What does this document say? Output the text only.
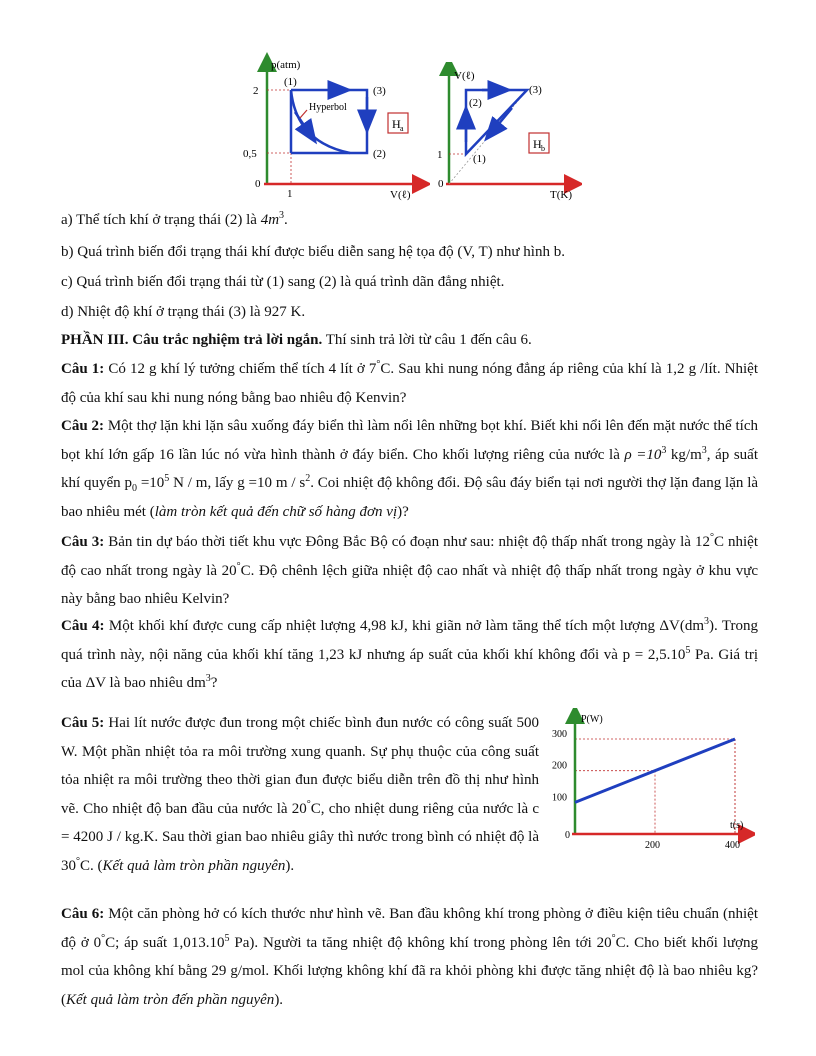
p(atm)
V(ℓ)
0
2
0,5
1
(1)
(3)
(2)
Hyperbol
H a
V(ℓ)
T(K)
0
1
(2)
(3)
(1)
H b
a) Thể tích khí ở trạng thái (2) là $4m^3$.
b) Quá trình biến đổi trạng thái khí được biểu diễn sang hệ tọa độ (V, T) như hình b.
c) Quá trình biến đổi trạng thái từ (1) sang (2) là quá trình dãn đẳng nhiệt.
d) Nhiệt độ khí ở trạng thái (3) là 927 K.
PHẦN III. Câu trắc nghiệm trả lời ngắn. Thí sinh trả lời từ câu 1 đến câu 6.
Câu 1: Có 12 g khí lý tưởng chiếm thể tích 4 lít ở 7°C. Sau khi nung nóng đẳng áp riêng của khí là 1,2 g /lít. Nhiệt độ của khí sau khi nung nóng bằng bao nhiêu độ Kenvin?
Câu 2: Một thợ lặn khi lặn sâu xuống đáy biển thì làm nổi lên những bọt khí. Biết khi nổi lên đến mặt nước thể tích bọt khí lớn gấp 16 lần lúc nó vừa hình thành ở đáy biển. Cho khối lượng riêng của nước là $\rho =10^3$ $kg/m^3$, áp suất khí quyển $p_0 =10^5$ N / m, lấy g =10 m / $s^2$. Coi nhiệt độ không đổi. Độ sâu đáy biển tại nơi người thợ lặn đang lặn là bao nhiêu mét (làm tròn kết quả đến chữ số hàng đơn vị)?
Câu 3: Bản tin dự báo thời tiết khu vực Đông Bắc Bộ có đoạn như sau: nhiệt độ thấp nhất trong ngày là 12°C nhiệt độ cao nhất trong ngày là 20°C. Độ chênh lệch giữa nhiệt độ cao nhất và nhiệt độ thấp nhất trong ngày ở khu vực này bằng bao nhiêu Kelvin?
Câu 4: Một khối khí được cung cấp nhiệt lượng 4,98 kJ, khi giãn nở làm tăng thể tích một lượng $\Delta V(dm^3)$. Trong quá trình này, nội năng của khối khí tăng 1,23 kJ nhưng áp suất của khối khí không đổi và $p = 2,5.10^5$ Pa. Giá trị của ΔV là bao nhiêu $dm^3$?
Câu 5: Hai lít nước được đun trong một chiếc bình đun nước có công suất 500 W. Một phần nhiệt tỏa ra môi trường xung quanh. Sự phụ thuộc của công suất tỏa nhiệt ra môi trường theo thời gian đun được biểu diễn trên đồ thị như hình vẽ. Cho nhiệt độ ban đầu của nước là 20°C, cho nhiệt dung riêng của nước là c = 4200 J / kg.K. Sau thời gian bao nhiêu giây thì nước trong bình có nhiệt độ là 30°C. (Kết quả làm tròn phần nguyên).
200	400
100
200
300
P(W)
t(s)
0
Câu 6: Một căn phòng hở có kích thước như hình vẽ. Ban đầu không khí trong phòng ở điều kiện tiêu chuẩn (nhiệt độ ở 0°C; áp suất 1,013.10$^5$ Pa). Người ta tăng nhiệt độ không khí trong phòng lên tới 20°C. Cho biết khối lượng mol của không khí bằng 29 g/mol. Khối lượng không khí đã ra khỏi phòng khi được tăng nhiệt độ là bao nhiêu kg? (Kết quả làm tròn đến phần nguyên).
